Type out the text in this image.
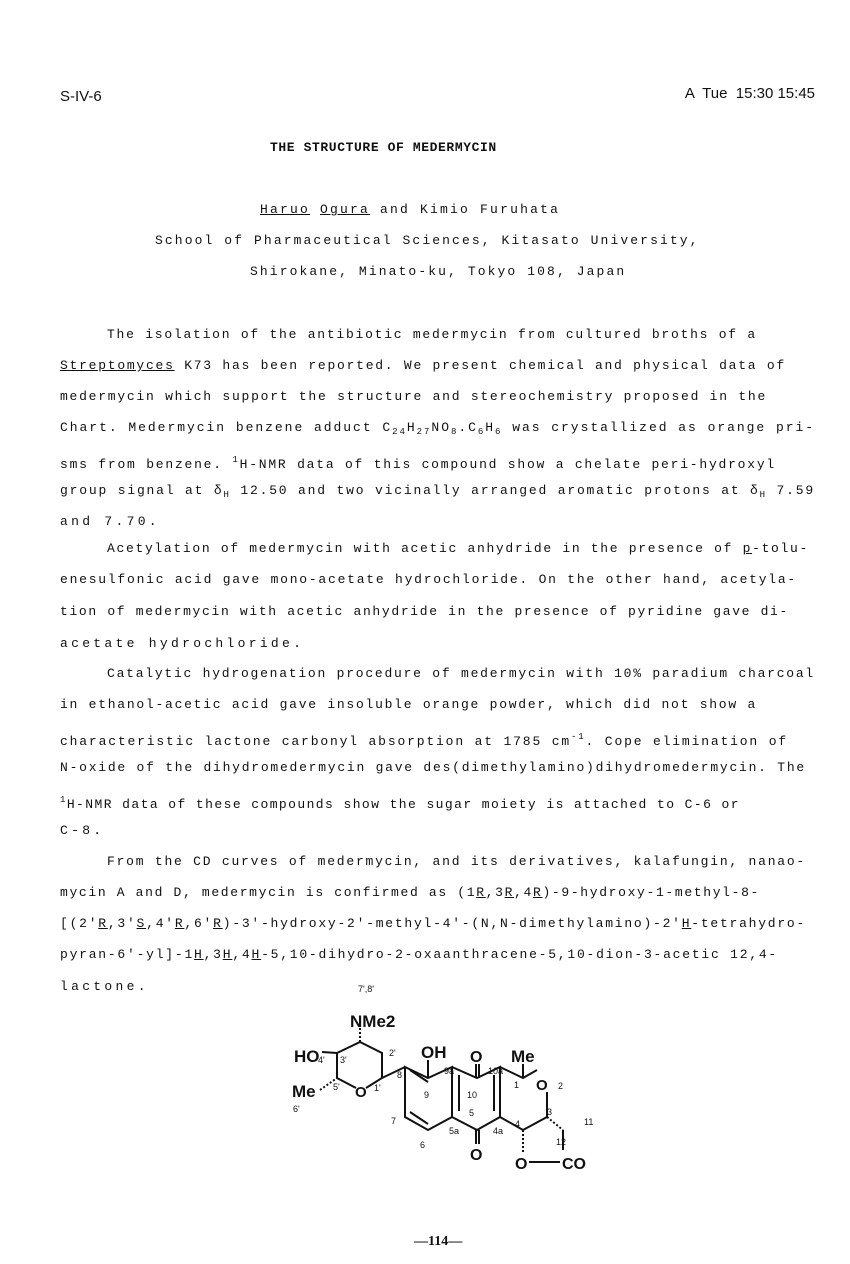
S-IV-6	A  Tue  15:30 15:45
THE STRUCTURE OF MEDERMYCIN
Haruo Ogura and Kimio Furuhata
School of Pharmaceutical Sciences, Kitasato University,
Shirokane, Minato-ku, Tokyo 108, Japan
The isolation of the antibiotic medermycin from cultured broths of a
Streptomyces K73 has been reported. We present chemical and physical data of
medermycin which support the structure and stereochemistry proposed in the
Chart. Medermycin benzene adduct $C_{24}H_{27}NO_8.C_6H_6$ was crystallized as orange pri-
sms from benzene. $^1$H-NMR data of this compound show a chelate peri-hydroxyl
group signal at $\delta_H$ 12.50 and two vicinally arranged aromatic protons at $\delta_H$ 7.59
and 7.70.
Acetylation of medermycin with acetic anhydride in the presence of p-tolu-
enesulfonic acid gave mono-acetate hydrochloride. On the other hand, acetyla-
tion of medermycin with acetic anhydride in the presence of pyridine gave di-
acetate hydrochloride.
Catalytic hydrogenation procedure of medermycin with 10% paradium charcoal
in ethanol-acetic acid gave insoluble orange powder, which did not show a
characteristic lactone carbonyl absorption at 1785 $cm^{-1}$. Cope elimination of
N-oxide of the dihydromedermycin gave des(dimethylamino)dihydromedermycin. The
$^1$H-NMR data of these compounds show the sugar moiety is attached to C-6 or
C-8.
From the CD curves of medermycin, and its derivatives, kalafungin, nanao-
mycin A and D, medermycin is confirmed as (1R,3R,4R)-9-hydroxy-1-methyl-8-
[(2'R,3'S,4'R,6'R)-3'-hydroxy-2'-methyl-4'-(N,N-dimethylamino)-2'H-tetrahydro-
pyran-6'-yl]-1H,3H,4H-5,10-dihydro-2-oxaanthracene-5,10-dion-3-acetic 12,4-
lactone.
NMe2
HO
Me	O
OH O
O
Me
O
O CO
7',8'
4' 3'
2'
5'	1'
6'
8
9
9a
10
10a
1	2
3
11
12
4
4a
5
5a
6
7
—114—
